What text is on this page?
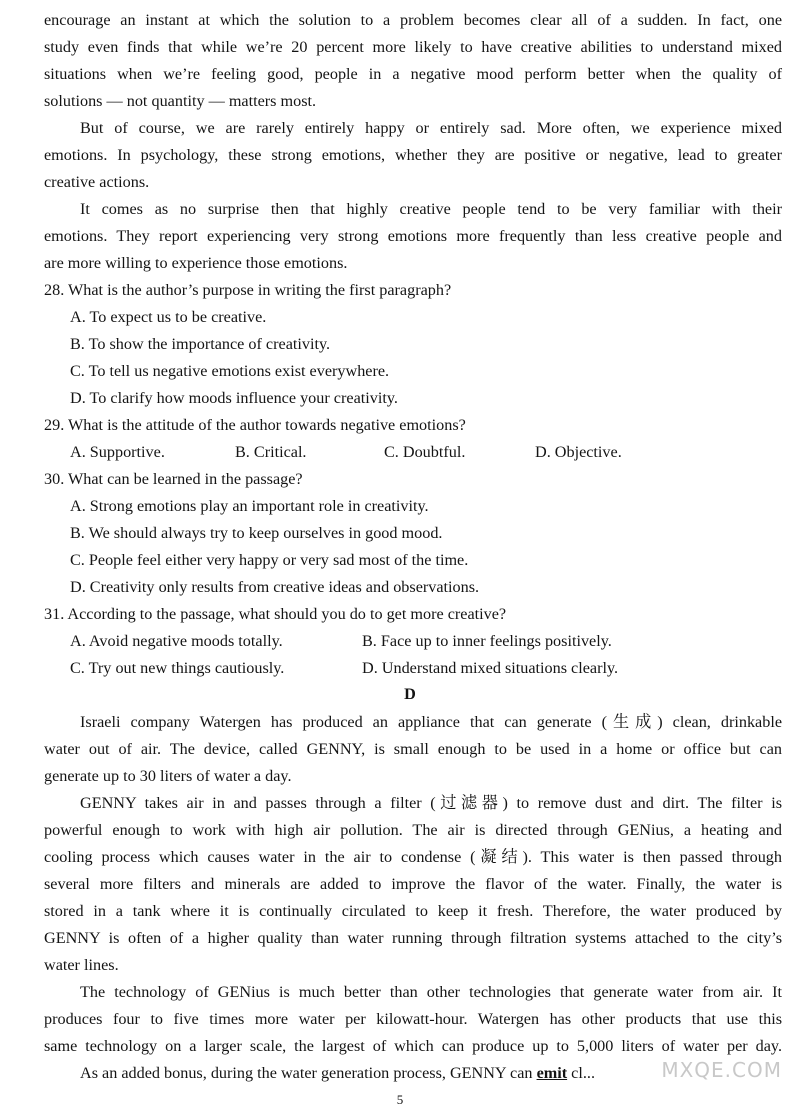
encourage an instant at which the solution to a problem becomes clear all of a sudden. In fact, one
study even finds that while we’re 20 percent more likely to have creative abilities to understand mixed
situations when we’re feeling good, people in a negative mood perform better when the quality of
solutions — not quantity — matters most.
But of course, we are rarely entirely happy or entirely sad. More often, we experience mixed
emotions. In psychology, these strong emotions, whether they are positive or negative, lead to greater
creative actions.
It comes as no surprise then that highly creative people tend to be very familiar with their
emotions. They report experiencing very strong emotions more frequently than less creative people and
are more willing to experience those emotions.
28. What is the author’s purpose in writing the first paragraph?
A. To expect us to be creative.
B. To show the importance of creativity.
C. To tell us negative emotions exist everywhere.
D. To clarify how moods influence your creativity.
29. What is the attitude of the author towards negative emotions?
A. Supportive.	B. Critical.	C. Doubtful.	D. Objective.
30. What can be learned in the passage?
A. Strong emotions play an important role in creativity.
B. We should always try to keep ourselves in good mood.
C. People feel either very happy or very sad most of the time.
D. Creativity only results from creative ideas and observations.
31. According to the passage, what should you do to get more creative?
A. Avoid negative moods totally.	B. Face up to inner feelings positively.
C. Try out new things cautiously.	D. Understand mixed situations clearly.
D
Israeli company Watergen has produced an appliance that can generate (生成) clean, drinkable
water out of air. The device, called GENNY, is small enough to be used in a home or office but can
generate up to 30 liters of water a day.
GENNY takes air in and passes through a filter (过滤器) to remove dust and dirt. The filter is
powerful enough to work with high air pollution. The air is directed through GENius, a heating and
cooling process which causes water in the air to condense (凝结). This water is then passed through
several more filters and minerals are added to improve the flavor of the water. Finally, the water is
stored in a tank where it is continually circulated to keep it fresh. Therefore, the water produced by
GENNY is often of a higher quality than water running through filtration systems attached to the city’s
water lines.
The technology of GENius is much better than other technologies that generate water from air. It
produces four to five times more water per kilowatt-hour. Watergen has other products that use this
same technology on a larger scale, the largest of which can produce up to 5,000 liters of water per day.
As an added bonus, during the water generation process, GENNY can emit cl...	MXQE.COM
5
